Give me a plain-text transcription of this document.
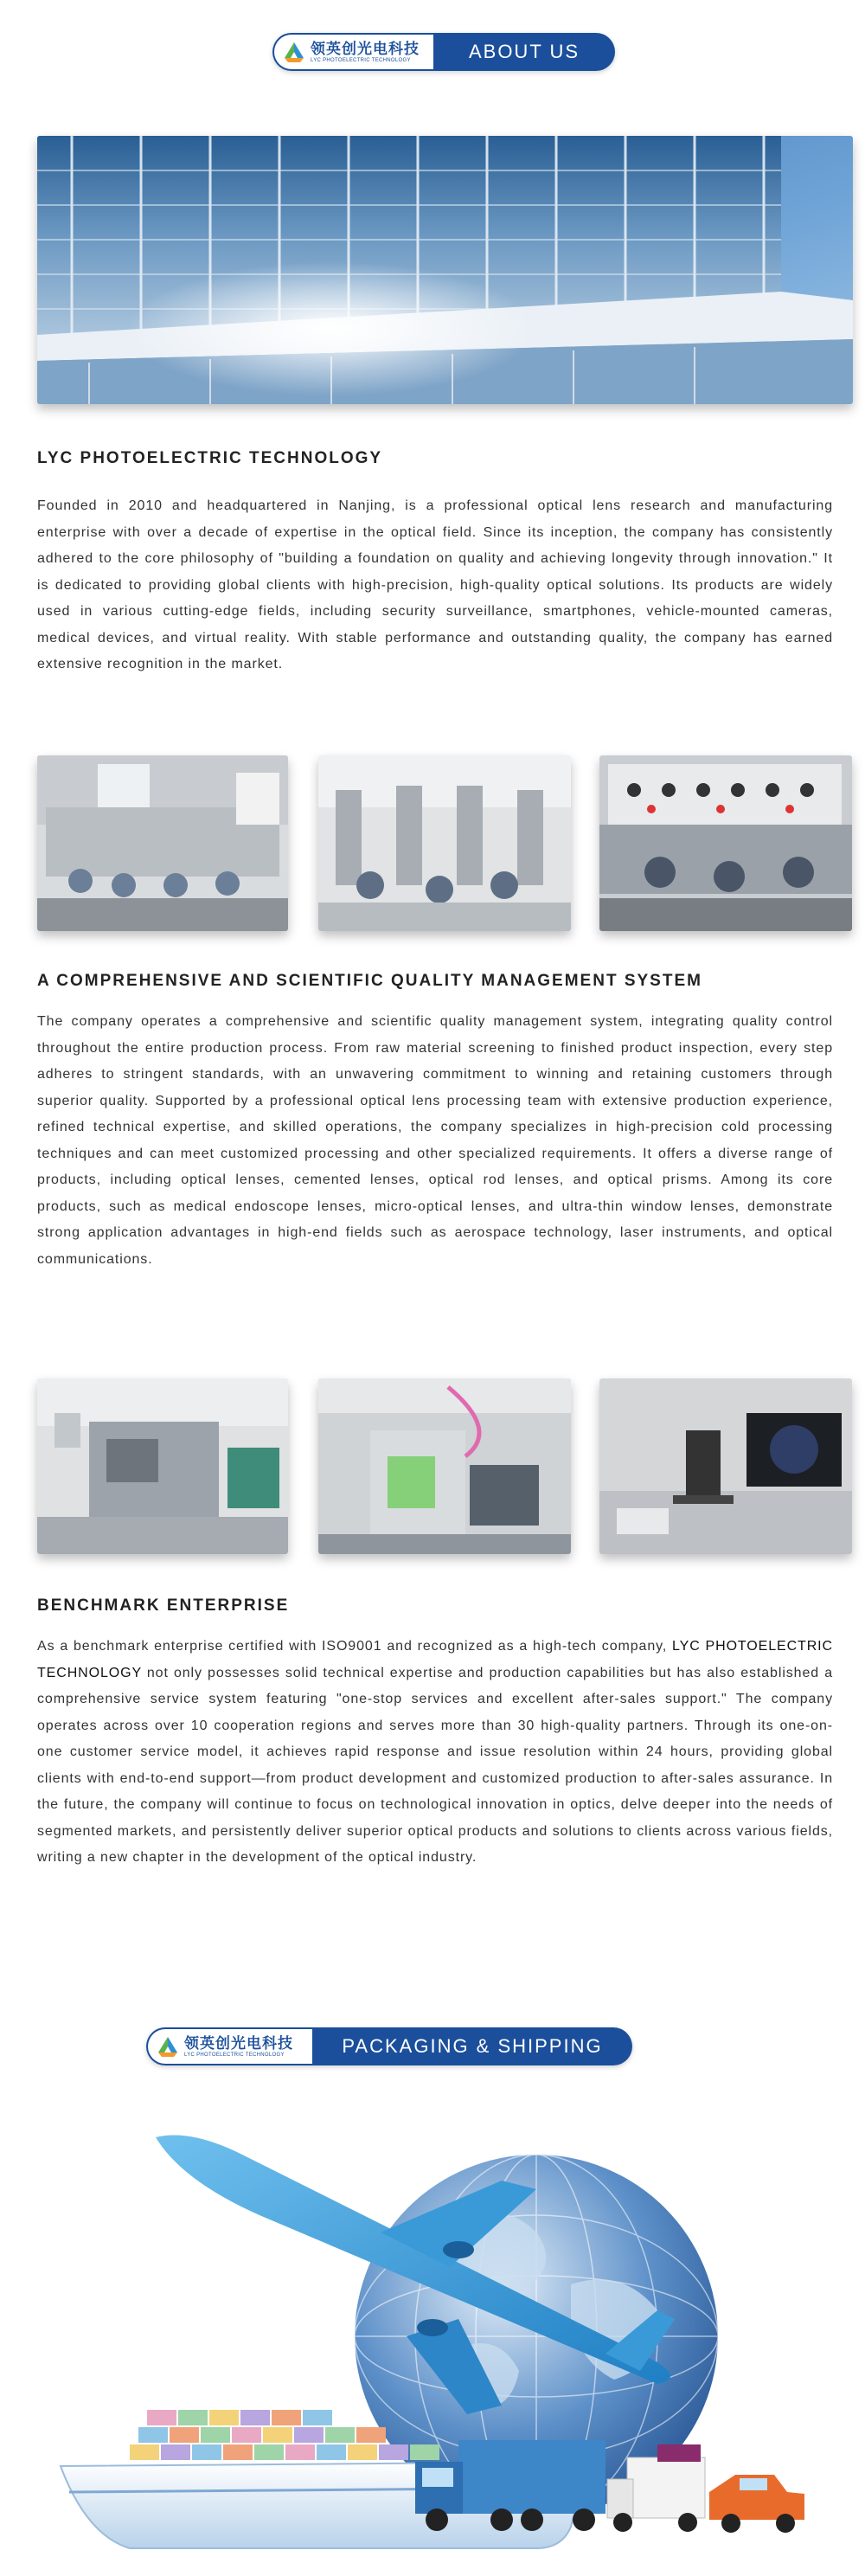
领英创光电科技
LYC PHOTOELECTRIC TECHNOLOGY	ABOUT US
LYC PHOTOELECTRIC TECHNOLOGY

Founded in 2010 and headquartered in Nanjing, is a professional optical lens research and manufacturing enterprise with over a decade of expertise in the optical field. Since its inception, the company has consistently adhered to the core philosophy of "building a foundation on quality and achieving longevity through innovation." It is dedicated to providing global clients with high-precision, high-quality optical solutions. Its products are widely used in various cutting-edge fields, including security surveillance, smartphones, vehicle-mounted cameras, medical devices, and virtual reality. With stable performance and outstanding quality, the company has earned extensive recognition in the market.

A COMPREHENSIVE AND SCIENTIFIC QUALITY MANAGEMENT SYSTEM

The company operates a comprehensive and scientific quality management system, integrating quality control throughout the entire production process. From raw material screening to finished product inspection, every step adheres to stringent standards, with an unwavering commitment to winning and retaining customers through superior quality. Supported by a professional optical lens processing team with extensive production experience, refined technical expertise, and skilled operations, the company specializes in high-precision cold processing techniques and can meet customized processing and other specialized requirements. It offers a diverse range of products, including optical lenses, cemented lenses, optical rod lenses, and optical prisms. Among its core products, such as medical endoscope lenses, micro-optical lenses, and ultra-thin window lenses, demonstrate strong application advantages in high-end fields such as aerospace technology, laser instruments, and optical communications.

BENCHMARK ENTERPRISE

As a benchmark enterprise certified with ISO9001 and recognized as a high-tech company, LYC PHOTOELECTRIC TECHNOLOGY not only possesses solid technical expertise and production capabilities but has also established a comprehensive service system featuring "one-stop services and excellent after-sales support." The company operates across over 10 cooperation regions and serves more than 30 high-quality partners. Through its one-on-one customer service model, it achieves rapid response and issue resolution within 24 hours, providing global clients with end-to-end support—from product development and customized production to after-sales assurance. In the future, the company will continue to focus on technological innovation in optics, delve deeper into the needs of segmented markets, and persistently deliver superior optical products and solutions to clients across various fields, writing a new chapter in the development of the optical industry.

领英创光电科技
LYC PHOTOELECTRIC TECHNOLOGY	PACKAGING & SHIPPING
